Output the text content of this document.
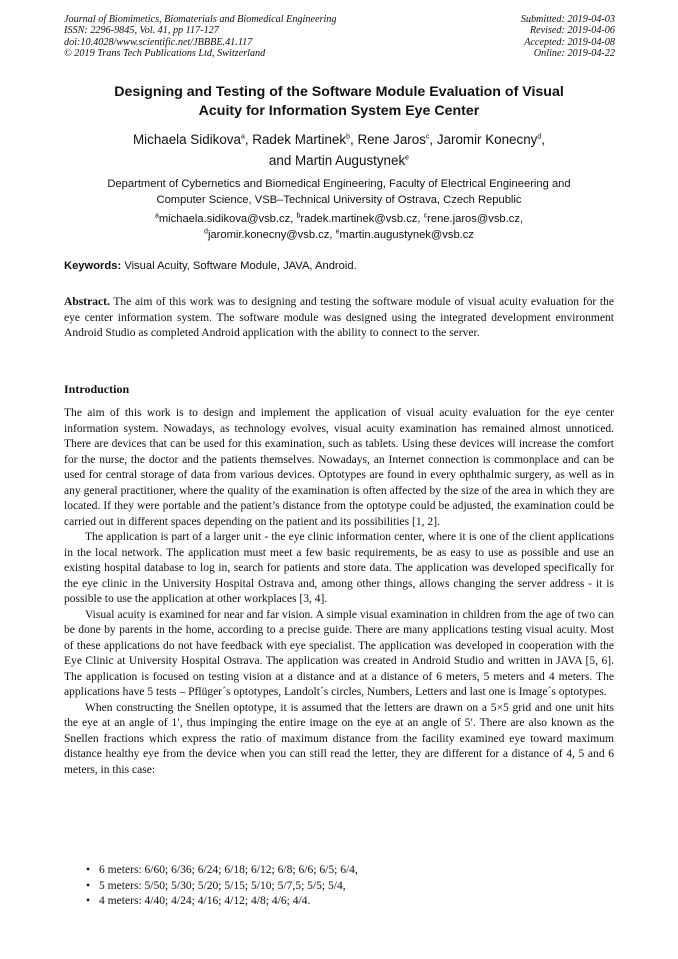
Journal of Biomimetics, Biomaterials and Biomedical Engineering
ISSN: 2296-9845, Vol. 41, pp 117-127
doi:10.4028/www.scientific.net/JBBBE.41.117
© 2019 Trans Tech Publications Ltd, Switzerland
Submitted: 2019-04-03
Revised: 2019-04-06
Accepted: 2019-04-08
Online: 2019-04-22
Designing and Testing of the Software Module Evaluation of Visual
Acuity for Information System Eye Center
Michaela Sidikova$^a$, Radek Martinek$^b$, Rene Jaros$^c$, Jaromir Konecny$^d$,
and Martin Augustynek$^e$
Department of Cybernetics and Biomedical Engineering, Faculty of Electrical Engineering and
Computer Science, VSB–Technical University of Ostrava, Czech Republic
$^a$michaela.sidikova@vsb.cz, $^b$radek.martinek@vsb.cz, $^c$rene.jaros@vsb.cz,
$^d$jaromir.konecny@vsb.cz, $^e$martin.augustynek@vsb.cz
Keywords: Visual Acuity, Software Module, JAVA, Android.
Abstract. The aim of this work was to designing and testing the software module of visual acuity evaluation for the eye center information system. The software module was designed using the integrated development environment Android Studio as completed Android application with the ability to connect to the server.
Introduction

The aim of this work is to design and implement the application of visual acuity evaluation for the eye center information system. Nowadays, as technology evolves, visual acuity examination has remained almost unnoticed. There are devices that can be used for this examination, such as tablets. Using these devices will increase the comfort for the nurse, the doctor and the patients themselves. Nowadays, an Internet connection is commonplace and can be used for central storage of data from various devices. Optotypes are found in every ophthalmic surgery, as well as in any general practitioner, where the quality of the examination is often affected by the size of the area in which they are located. If they were portable and the patient’s distance from the optotype could be adjusted, the examination could be carried out in different spaces depending on the patient and its possibilities [1, 2].

The application is part of a larger unit - the eye clinic information center, where it is one of the client applications in the local network. The application must meet a few basic requirements, be as easy to use as possible and use an existing hospital database to log in, search for patients and store data. The application was developed specifically for the eye clinic in the University Hospital Ostrava and, among other things, allows changing the server address - it is possible to use the application at other workplaces [3, 4].

Visual acuity is examined for near and far vision. A simple visual examination in children from the age of two can be done by parents in the home, according to a precise guide. There are many applications testing visual acuity. Most of these applications do not have feedback with eye specialist. The application was developed in cooperation with the Eye Clinic at University Hospital Ostrava. The application was created in Android Studio and written in JAVA [5, 6]. The application is focused on testing vision at a distance and at a distance of 6 meters, 5 meters and 4 meters. The applications have 5 tests – Pflüger´s optotypes, Landolt´s circles, Numbers, Letters and last one is Image´s optotypes.

When constructing the Snellen optotype, it is assumed that the letters are drawn on a 5×5 grid and one unit hits the eye at an angle of 1′, thus impinging the entire image on the eye at an angle of 5′. There are also known as the Snellen fractions which express the ratio of maximum distance from the facility examined eye toward maximum distance healthy eye from the device when you can still read the letter, they are different for a distance of 4, 5 and 6 meters, in this case:

• 6 meters: 6/60; 6/36; 6/24; 6/18; 6/12; 6/8; 6/6; 6/5; 6/4,
• 5 meters: 5/50; 5/30; 5/20; 5/15; 5/10; 5/7,5; 5/5; 5/4,
• 4 meters: 4/40; 4/24; 4/16; 4/12; 4/8; 4/6; 4/4.
